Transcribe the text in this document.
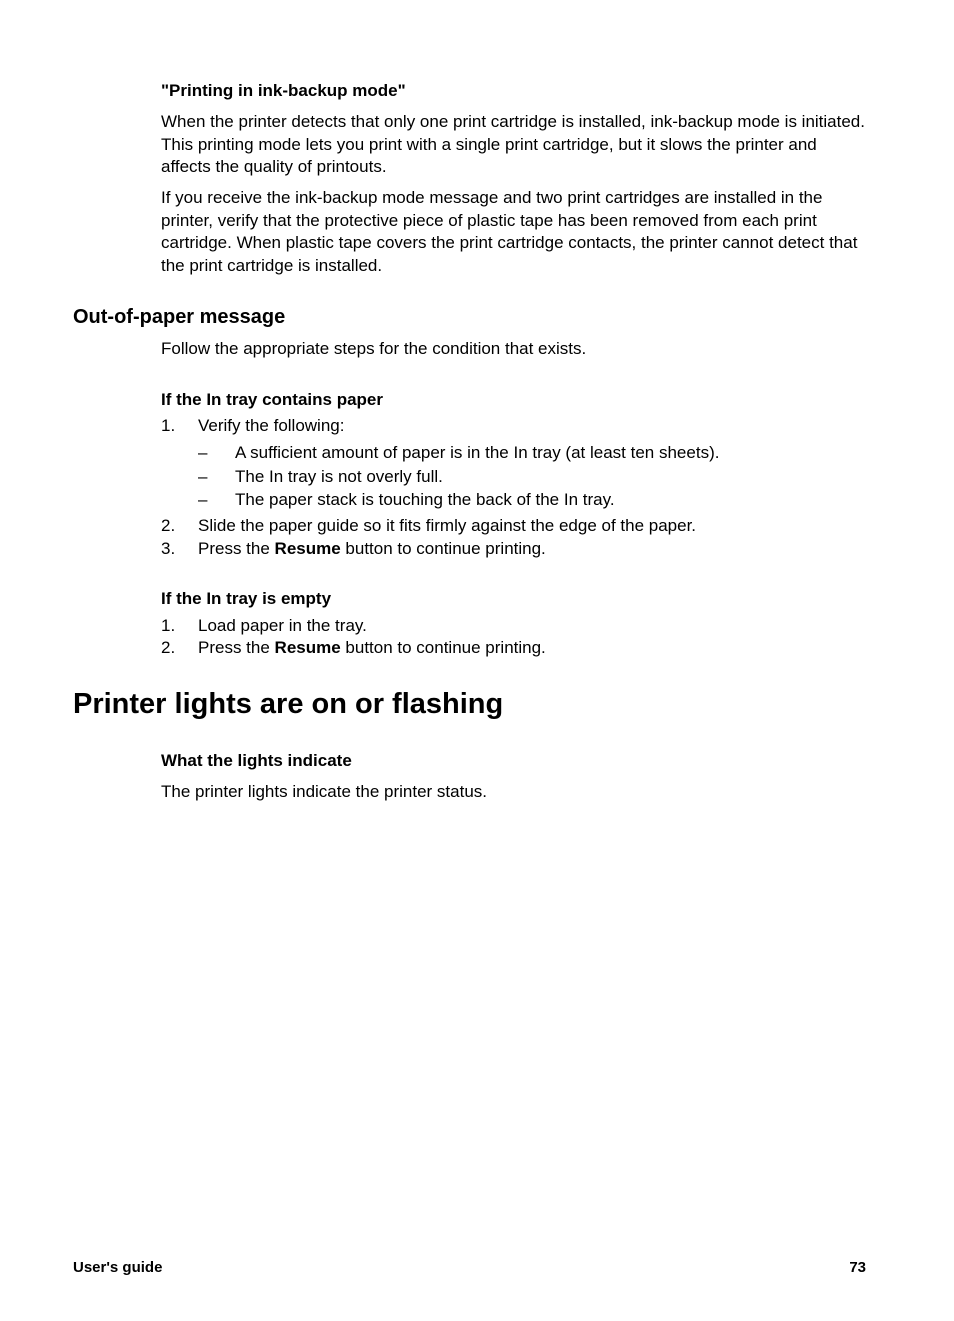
"Printing in ink-backup mode"

When the printer detects that only one print cartridge is installed, ink-backup mode is initiated. This printing mode lets you print with a single print cartridge, but it slows the printer and affects the quality of printouts.

If you receive the ink-backup mode message and two print cartridges are installed in the printer, verify that the protective piece of plastic tape has been removed from each print cartridge. When plastic tape covers the print cartridge contacts, the printer cannot detect that the print cartridge is installed.

Out-of-paper message

Follow the appropriate steps for the condition that exists.

If the In tray contains paper

1. Verify the following:
– A sufficient amount of paper is in the In tray (at least ten sheets).
– The In tray is not overly full.
– The paper stack is touching the back of the In tray.
2. Slide the paper guide so it fits firmly against the edge of the paper.
3. Press the Resume button to continue printing.

If the In tray is empty

1. Load paper in the tray.
2. Press the Resume button to continue printing.

Printer lights are on or flashing

What the lights indicate

The printer lights indicate the printer status.

User's guide	73
